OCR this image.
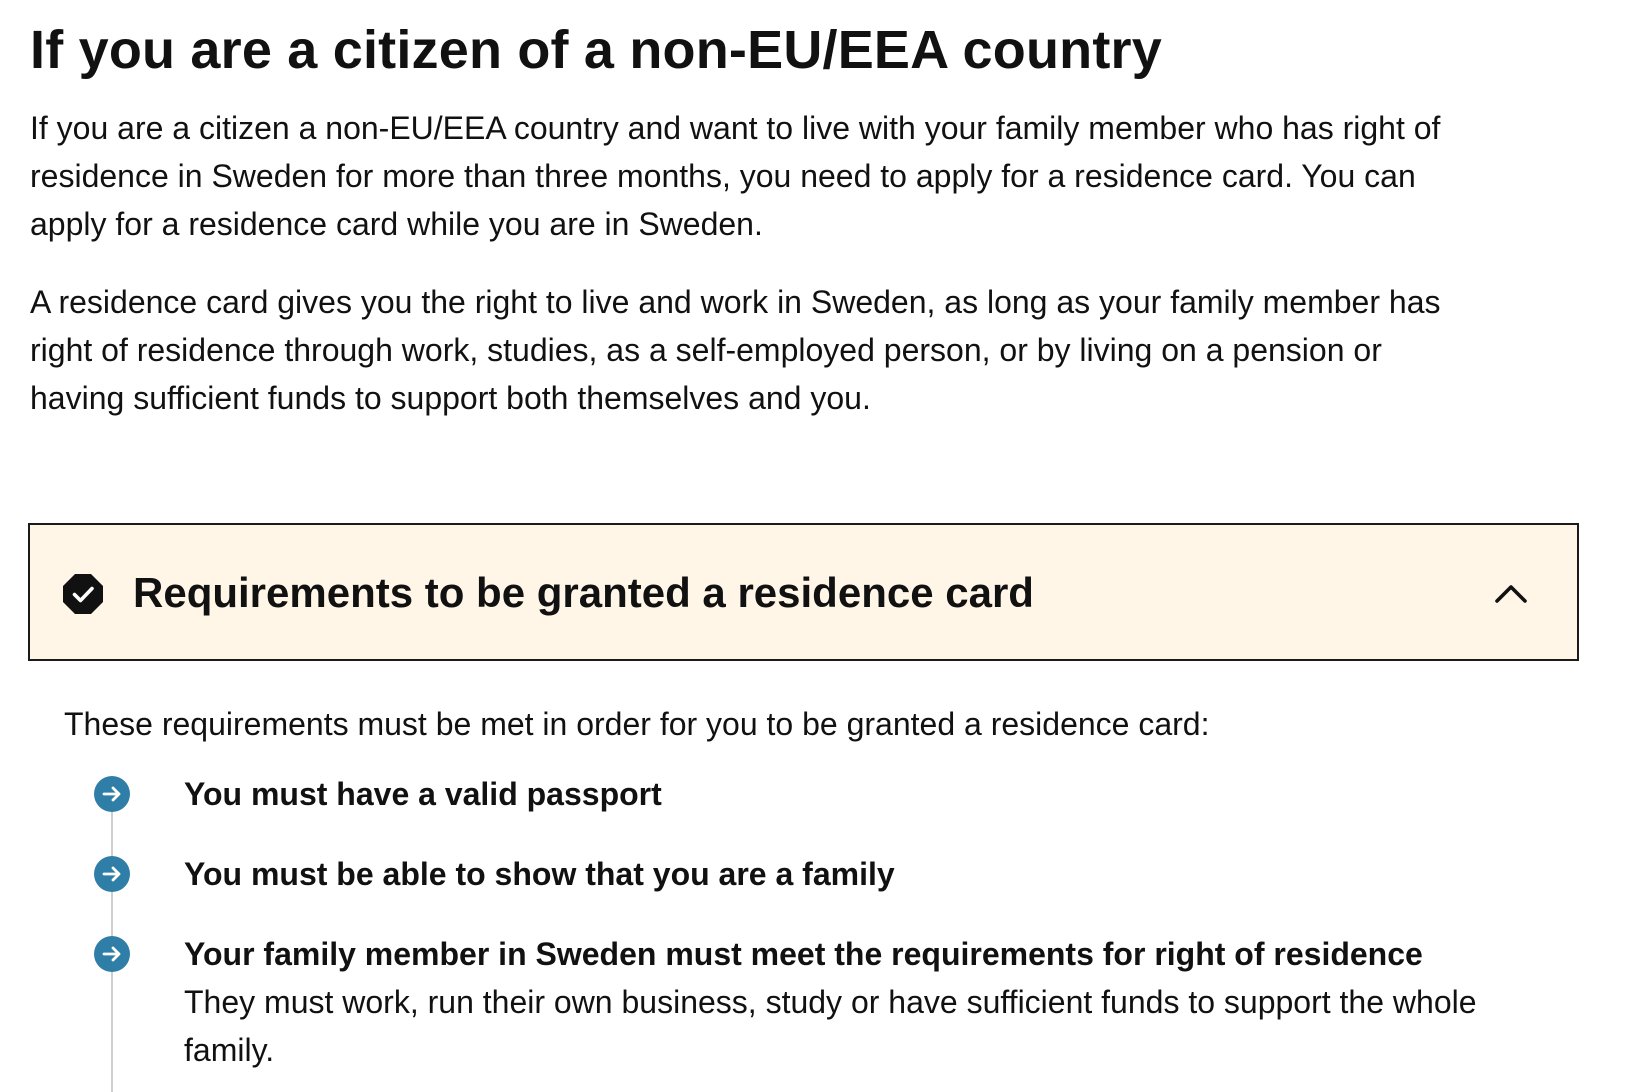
If you are a citizen of a non-EU/EEA country

If you are a citizen a non-EU/EEA country and want to live with your family member who has right of residence in Sweden for more than three months, you need to apply for a residence card. You can apply for a residence card while you are in Sweden.

A residence card gives you the right to live and work in Sweden, as long as your family member has right of residence through work, studies, as a self-employed person, or by living on a pension or having sufficient funds to support both themselves and you.

Requirements to be granted a residence card

These requirements must be met in order for you to be granted a residence card:

You must have a valid passport
You must be able to show that you are a family
Your family member in Sweden must meet the requirements for right of residence
They must work, run their own business, study or have sufficient funds to support the whole family.
